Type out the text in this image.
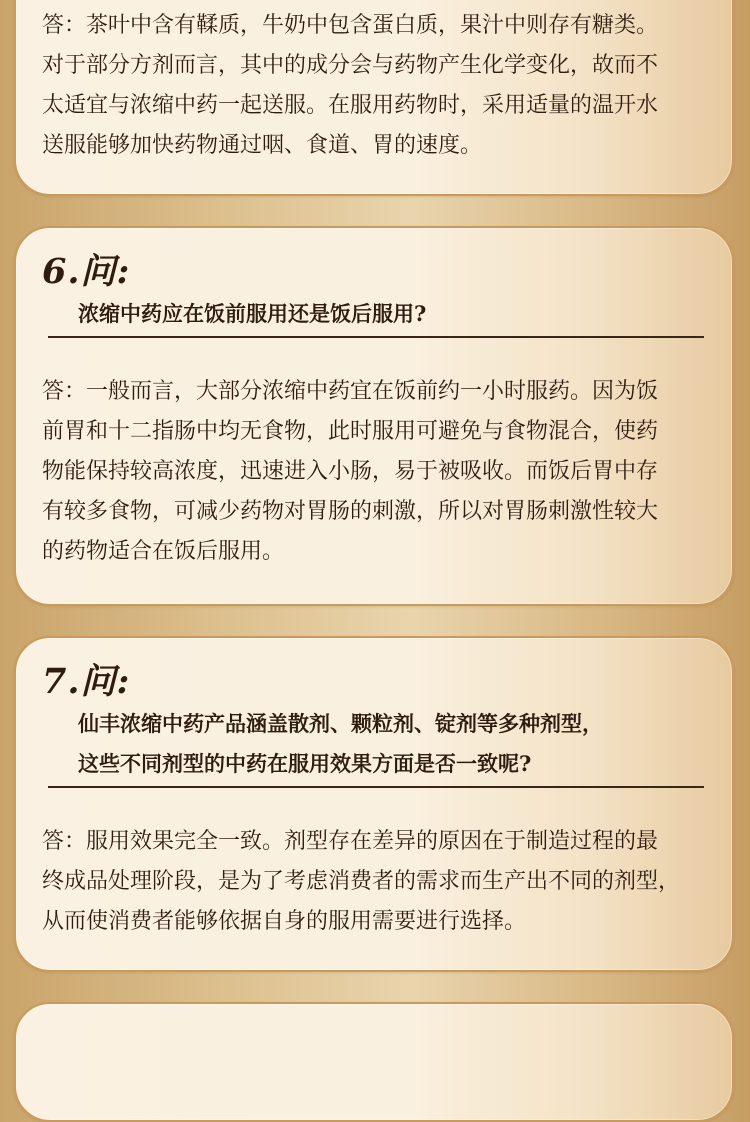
答：茶叶中含有鞣质，牛奶中包含蛋白质，果汁中则存有糖类。

对于部分方剂而言，其中的成分会与药物产生化学变化，故而不

太适宜与浓缩中药一起送服。在服用药物时，采用适量的温开水

送服能够加快药物通过咽、食道、胃的速度。

6.问:
浓缩中药应在饭前服用还是饭后服用?

答：一般而言，大部分浓缩中药宜在饭前约一小时服药。因为饭

前胃和十二指肠中均无食物，此时服用可避免与食物混合，使药

物能保持较高浓度，迅速进入小肠，易于被吸收。而饭后胃中存

有较多食物，可减少药物对胃肠的刺激，所以对胃肠刺激性较大

的药物适合在饭后服用。

7.问:
仙丰浓缩中药产品涵盖散剂、颗粒剂、锭剂等多种剂型，
这些不同剂型的中药在服用效果方面是否一致呢?

答：服用效果完全一致。剂型存在差异的原因在于制造过程的最

终成品处理阶段，是为了考虑消费者的需求而生产出不同的剂型，

从而使消费者能够依据自身的服用需要进行选择。
